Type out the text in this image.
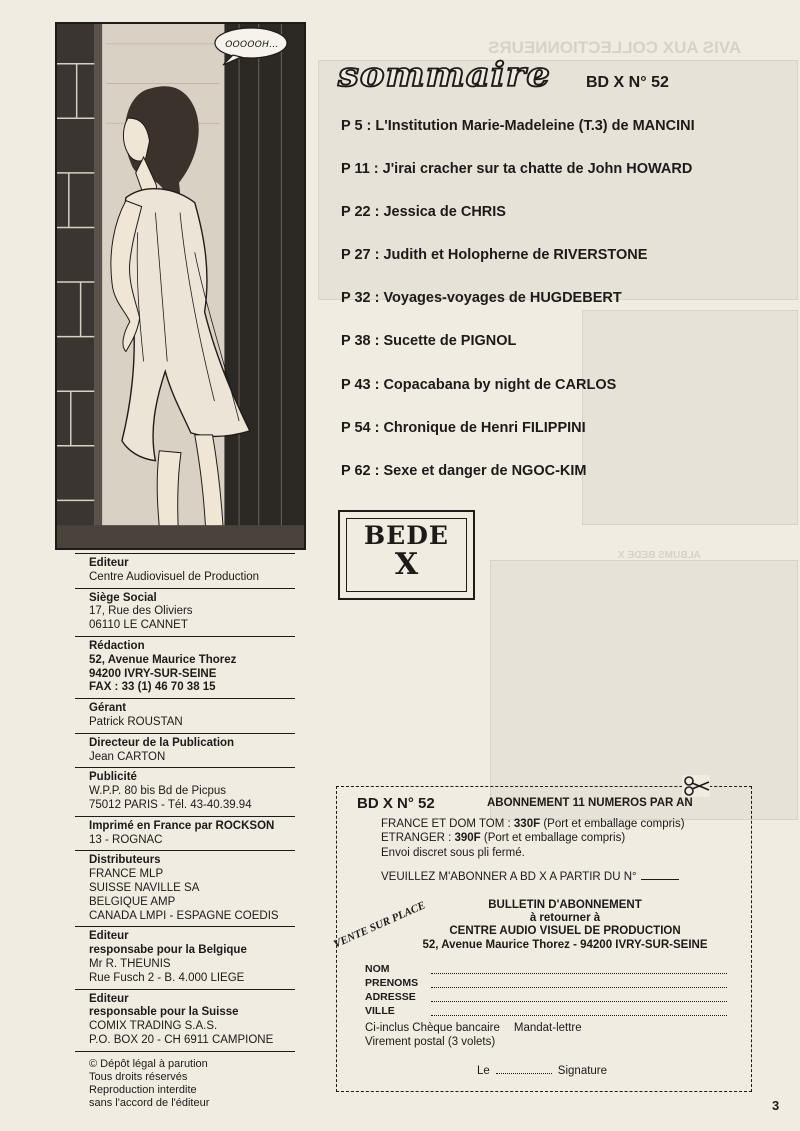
AVIS AUX COLLECTIONNEURS
ALBUMS BEDE X
OOOOOH...
sommaire BD X N° 52
P 5 : L'Institution Marie-Madeleine (T.3) de MANCINI
P 11 : J'irai cracher sur ta chatte de John HOWARD
P 22 : Jessica de CHRIS
P 27 : Judith et Holopherne de RIVERSTONE
P 32 : Voyages-voyages de HUGDEBERT
P 38 : Sucette de PIGNOL
P 43 : Copacabana by night de CARLOS
P 54 : Chronique de Henri FILIPPINI
P 62 : Sexe et danger de NGOC-KIM
BEDE
X
Editeur
Centre Audiovisuel de Production
Siège Social
17, Rue des Oliviers
06110 LE CANNET
Rédaction
52, Avenue Maurice Thorez
94200 IVRY-SUR-SEINE
FAX : 33 (1) 46 70 38 15
Gérant
Patrick ROUSTAN
Directeur de la Publication
Jean CARTON
Publicité
W.P.P. 80 bis Bd de Picpus
75012 PARIS - Tél. 43-40.39.94
Imprimé en France par ROCKSON
13 - ROGNAC
Distributeurs
FRANCE MLP
SUISSE NAVILLE SA
BELGIQUE AMP
CANADA LMPI - ESPAGNE COEDIS
Editeur
responsabe pour la Belgique
Mr R. THEUNIS
Rue Fusch 2 - B. 4.000 LIEGE
Editeur
responsable pour la Suisse
COMIX TRADING S.A.S.
P.O. BOX 20 - CH 6911 CAMPIONE
© Dépôt légal à parution
Tous droits réservés
Reproduction interdite
sans l'accord de l'éditeur
BD X N° 52	ABONNEMENT 11 NUMEROS PAR AN
FRANCE ET DOM TOM : 330F (Port et emballage compris)
ETRANGER : 390F (Port et emballage compris)
Envoi discret sous pli fermé.
VEUILLEZ M'ABONNER A BD X A PARTIR DU N°
VENTE SUR PLACE	BULLETIN D'ABONNEMENT
à retourner à
CENTRE AUDIO VISUEL DE PRODUCTION
52, Avenue Maurice Thorez - 94200 IVRY-SUR-SEINE
NOM
PRENOMS
ADRESSE
VILLE
Ci-inclus Chèque bancaire Mandat-lettre
Virement postal (3 volets)
Le	Signature
3
